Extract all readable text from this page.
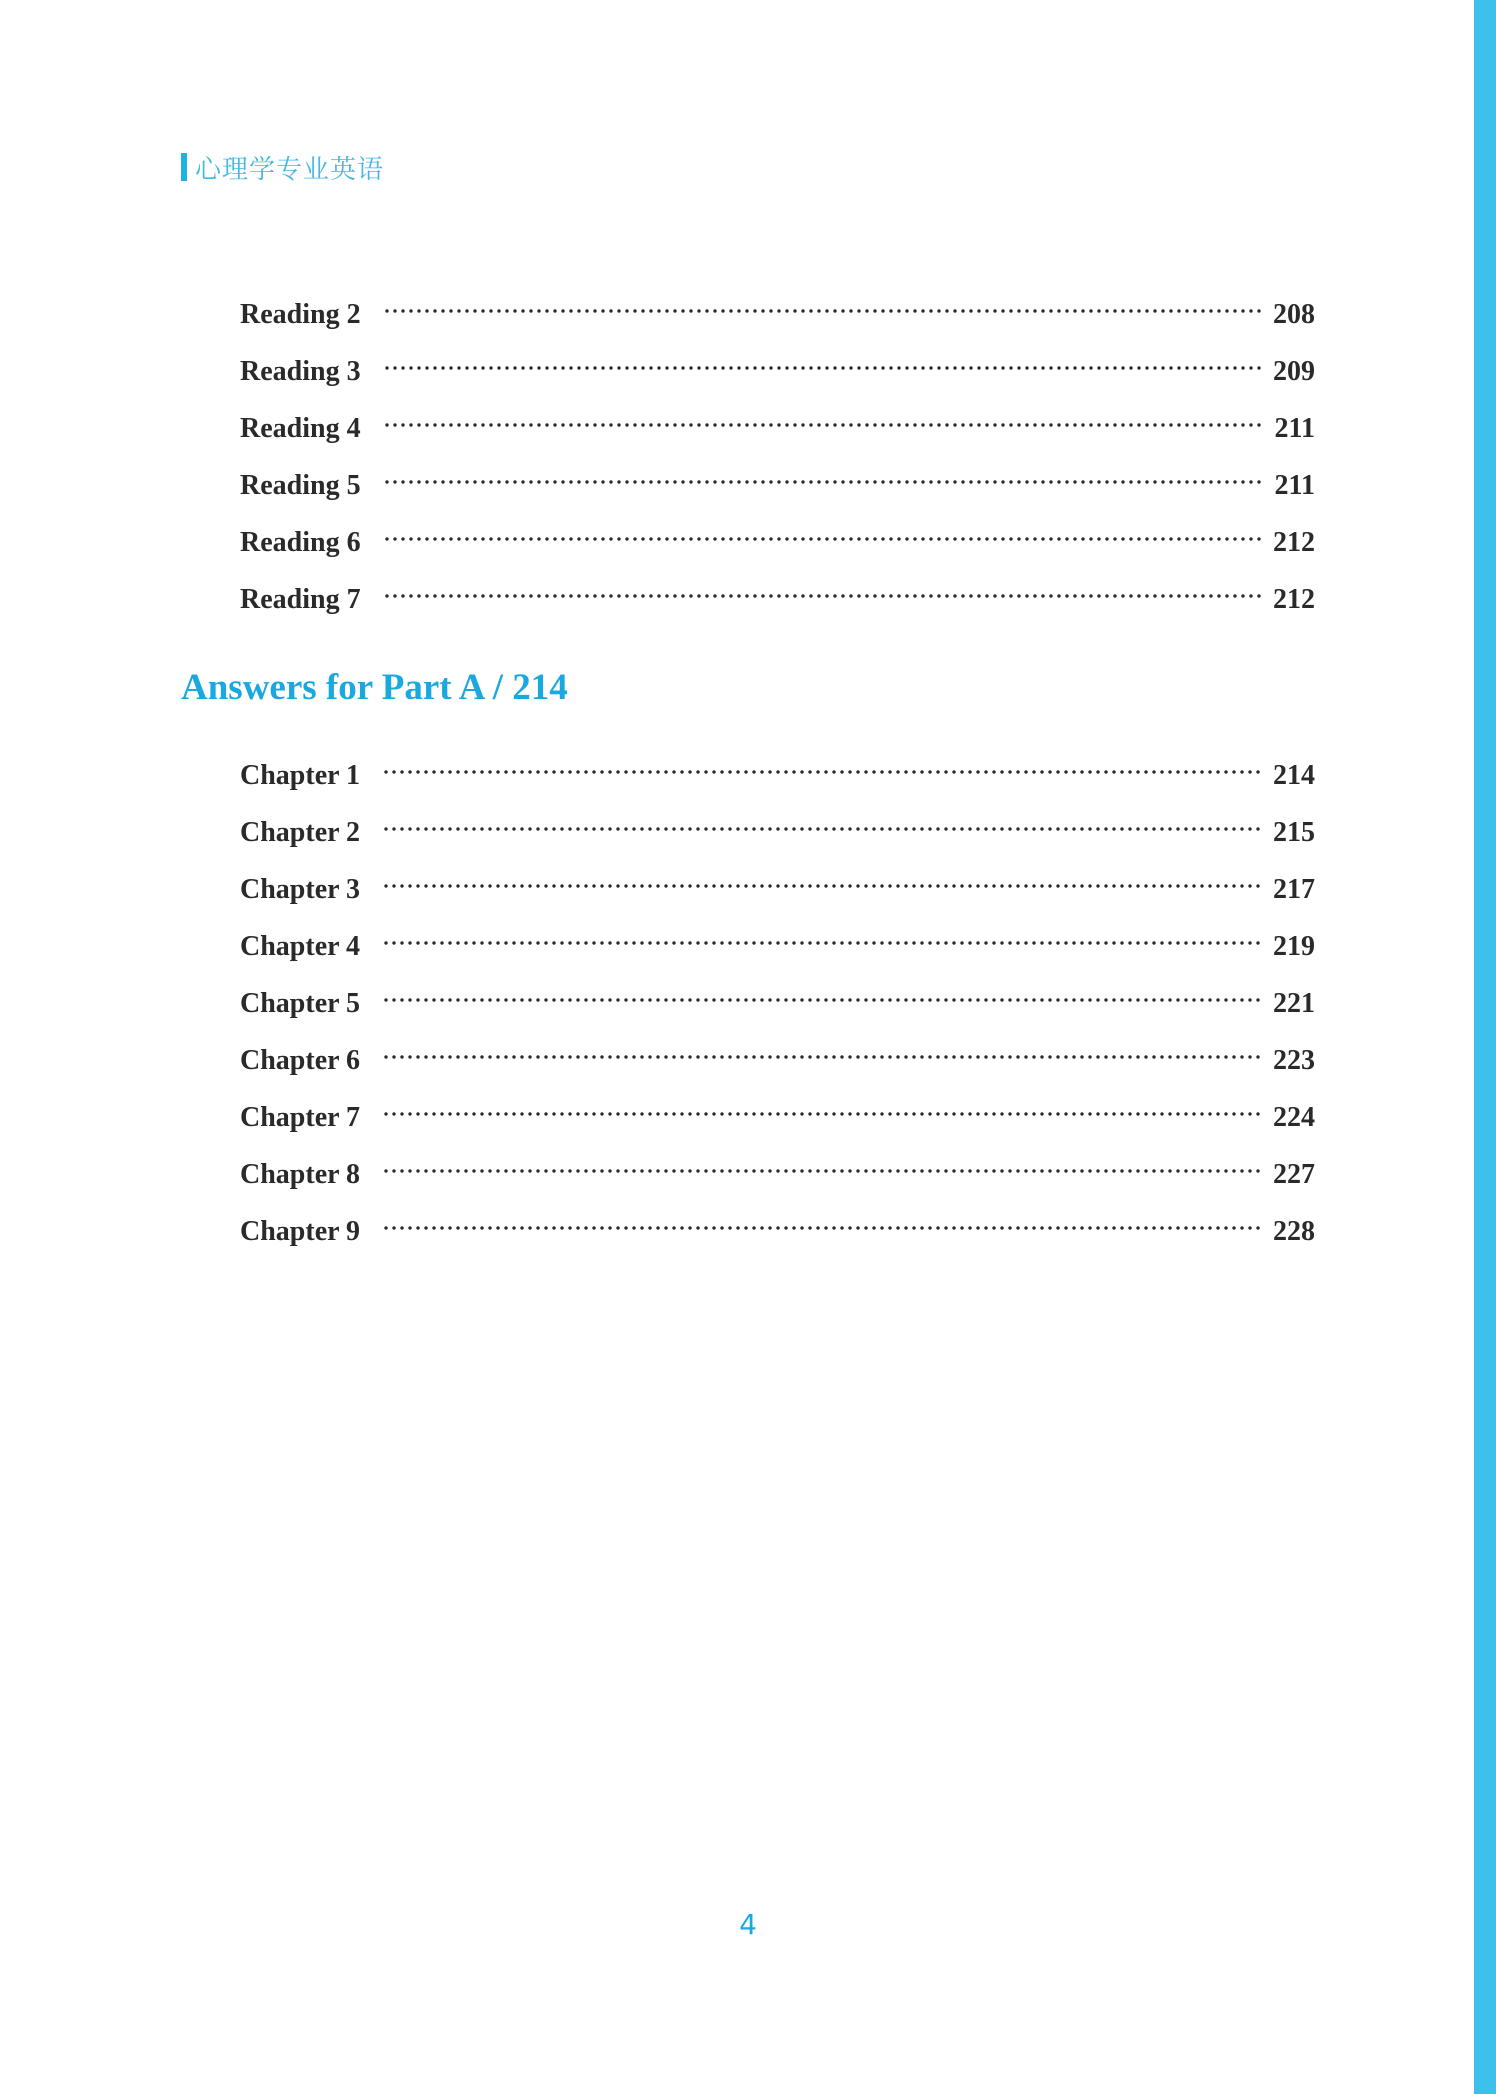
心理学专业英语
Reading 2	208
Reading 3	209
Reading 4	211
Reading 5	211
Reading 6	212
Reading 7	212
Answers for Part A / 214
Chapter 1	214
Chapter 2	215
Chapter 3	217
Chapter 4	219
Chapter 5	221
Chapter 6	223
Chapter 7	224
Chapter 8	227
Chapter 9	228
4
